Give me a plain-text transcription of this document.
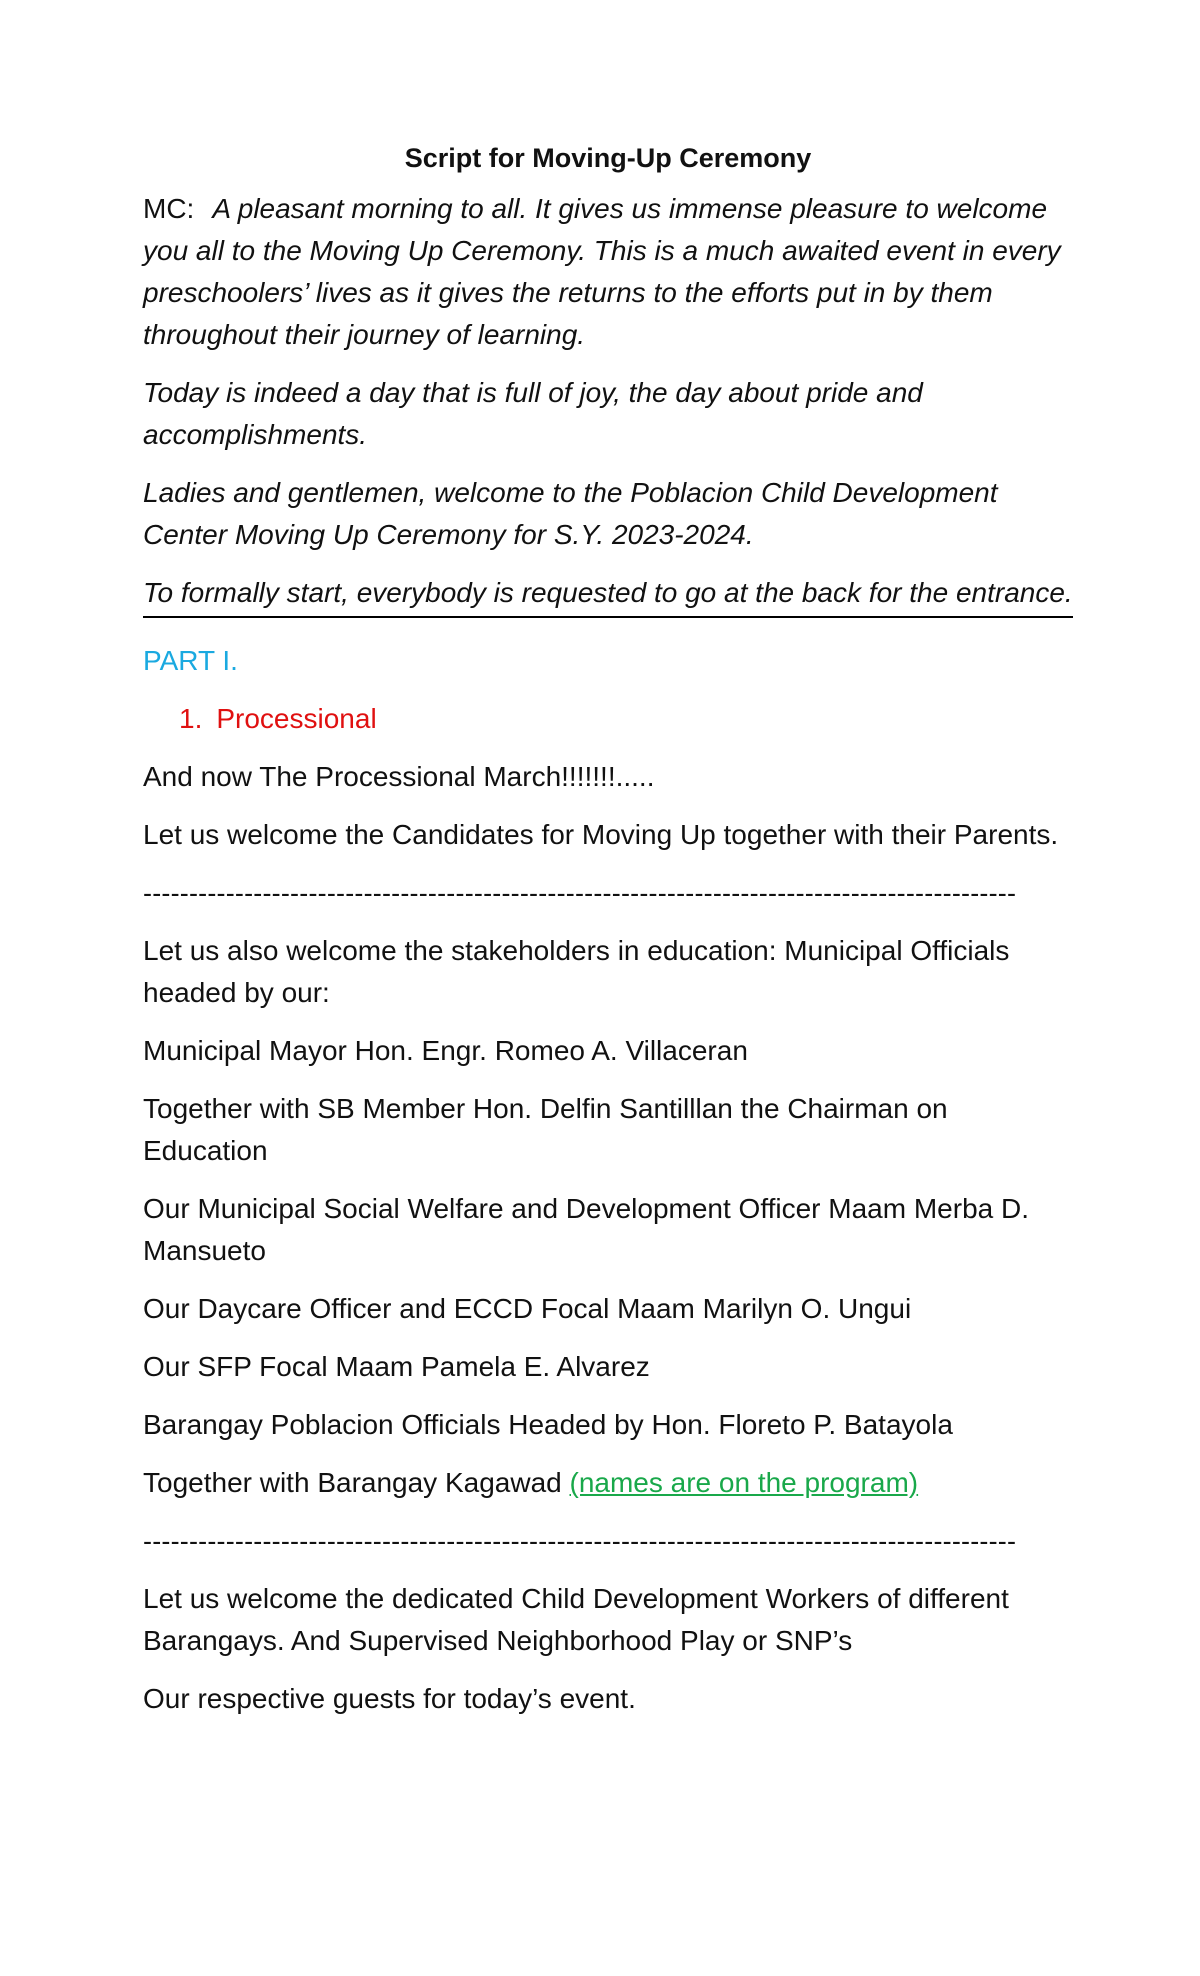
Script for Moving-Up Ceremony

MC: A pleasant morning to all. It gives us immense pleasure to welcome you all to the Moving Up Ceremony. This is a much awaited event in every preschoolers’ lives as it gives the returns to the efforts put in by them throughout their journey of learning.

Today is indeed a day that is full of joy, the day about pride and accomplishments.

Ladies and gentlemen, welcome to the Poblacion Child Development Center Moving Up Ceremony for S.Y. 2023-2024.

To formally start, everybody is requested to go at the back for the entrance.

PART I.

1. Processional

And now The Processional March!!!!!!!.....

Let us welcome the Candidates for Moving Up together with their Parents.

-----------------------------------------------------------------------------------------------

Let us also welcome the stakeholders in education: Municipal Officials headed by our:

Municipal Mayor Hon. Engr. Romeo A. Villaceran

Together with SB Member Hon. Delfin Santilllan the Chairman on Education

Our Municipal Social Welfare and Development Officer Maam Merba D. Mansueto

Our Daycare Officer and ECCD Focal Maam Marilyn O. Ungui

Our SFP Focal Maam Pamela E. Alvarez

Barangay Poblacion Officials Headed by Hon. Floreto P. Batayola

Together with Barangay Kagawad (names are on the program)

-----------------------------------------------------------------------------------------------

Let us welcome the dedicated Child Development Workers of different Barangays. And Supervised Neighborhood Play or SNP’s

Our respective guests for today’s event.
